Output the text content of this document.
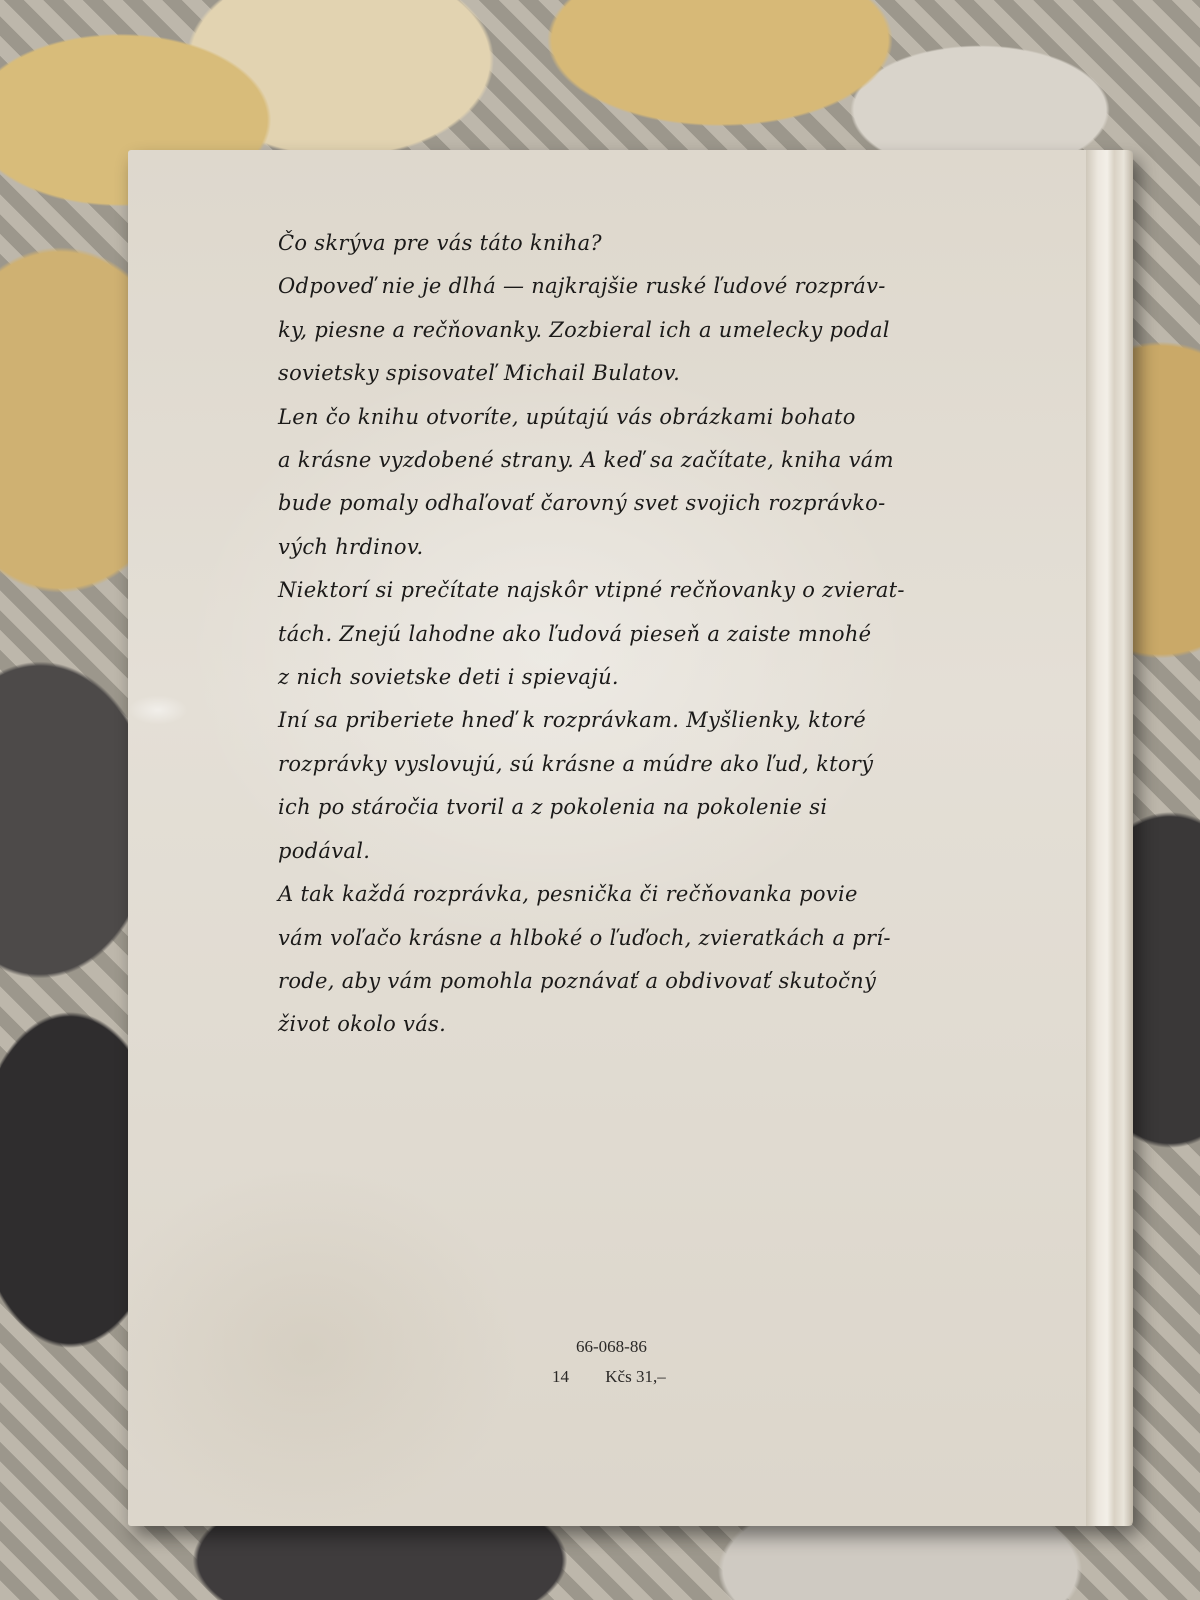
Čo skrýva pre vás táto kniha?
Odpoveď nie je dlhá — najkrajšie ruské ľudové rozpráv-
ky, piesne a rečňovanky. Zozbieral ich a umelecky podal
sovietsky spisovateľ Michail Bulatov.
Len čo knihu otvoríte, upútajú vás obrázkami bohato
a krásne vyzdobené strany. A keď sa začítate, kniha vám
bude pomaly odhaľovať čarovný svet svojich rozprávko-
vých hrdinov.
Niektorí si prečítate najskôr vtipné rečňovanky o zvierat-
tách. Znejú lahodne ako ľudová pieseň a zaiste mnohé
z nich sovietske deti i spievajú.
Iní sa priberiete hneď k rozprávkam. Myšlienky, ktoré
rozprávky vyslovujú, sú krásne a múdre ako ľud, ktorý
ich po stáročia tvoril a z pokolenia na pokolenie si
podával.
A tak každá rozprávka, pesnička či rečňovanka povie
vám voľačo krásne a hlboké o ľuďoch, zvieratkách a prí-
rode, aby vám pomohla poznávať a obdivovať skutočný
život okolo vás.
66-068-86
14 Kčs 31,–
